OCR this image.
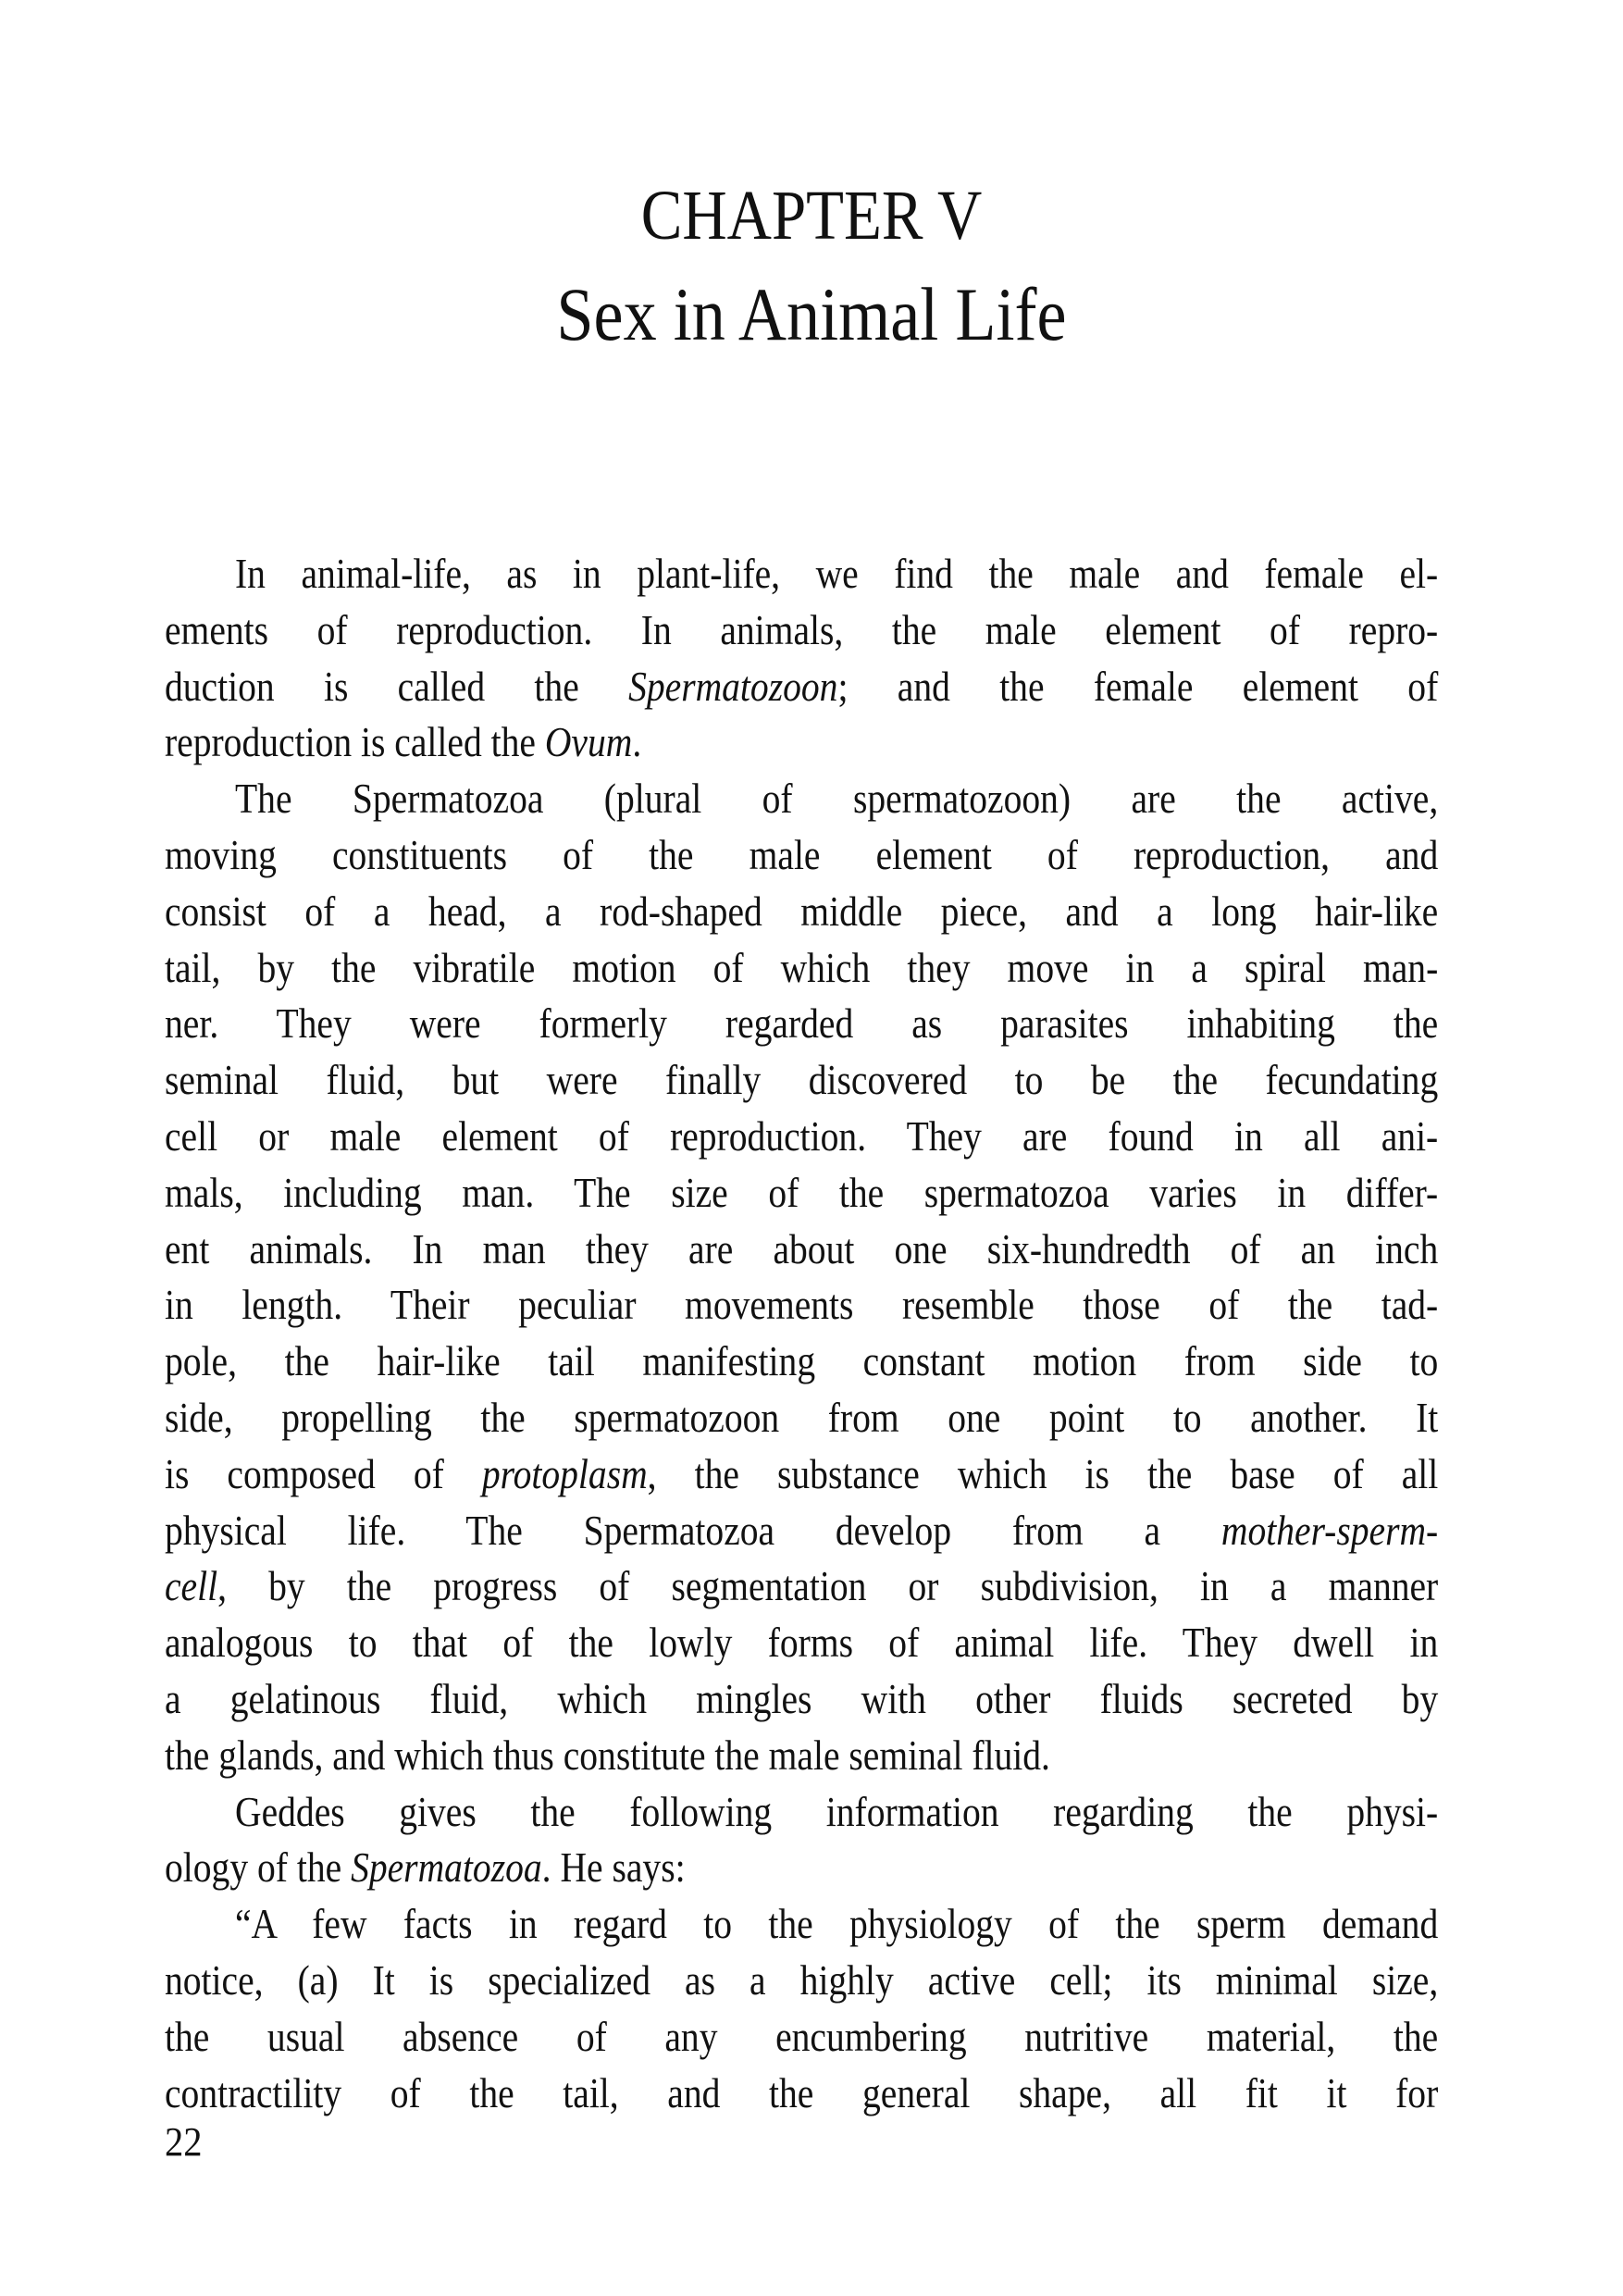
CHAPTER V
Sex in Animal Life
In animal-life, as in plant-life, we find the male and female el-
ements of reproduction. In animals, the male element of repro-
duction is called the Spermatozoon; and the female element of
reproduction is called the Ovum.
The Spermatozoa (plural of spermatozoon) are the active,
moving constituents of the male element of reproduction, and
consist of a head, a rod-shaped middle piece, and a long hair-like
tail, by the vibratile motion of which they move in a spiral man-
ner. They were formerly regarded as parasites inhabiting the
seminal fluid, but were finally discovered to be the fecundating
cell or male element of reproduction. They are found in all ani-
mals, including man. The size of the spermatozoa varies in differ-
ent animals. In man they are about one six-hundredth of an inch
in length. Their peculiar movements resemble those of the tad-
pole, the hair-like tail manifesting constant motion from side to
side, propelling the spermatozoon from one point to another. It
is composed of protoplasm, the substance which is the base of all
physical life. The Spermatozoa develop from a mother-sperm-
cell, by the progress of segmentation or subdivision, in a manner
analogous to that of the lowly forms of animal life. They dwell in
a gelatinous fluid, which mingles with other fluids secreted by
the glands, and which thus constitute the male seminal fluid.
Geddes gives the following information regarding the physi-
ology of the Spermatozoa. He says:
“A few facts in regard to the physiology of the sperm demand
notice, (a) It is specialized as a highly active cell; its minimal size,
the usual absence of any encumbering nutritive material, the
contractility of the tail, and the general shape, all fit it for
22
